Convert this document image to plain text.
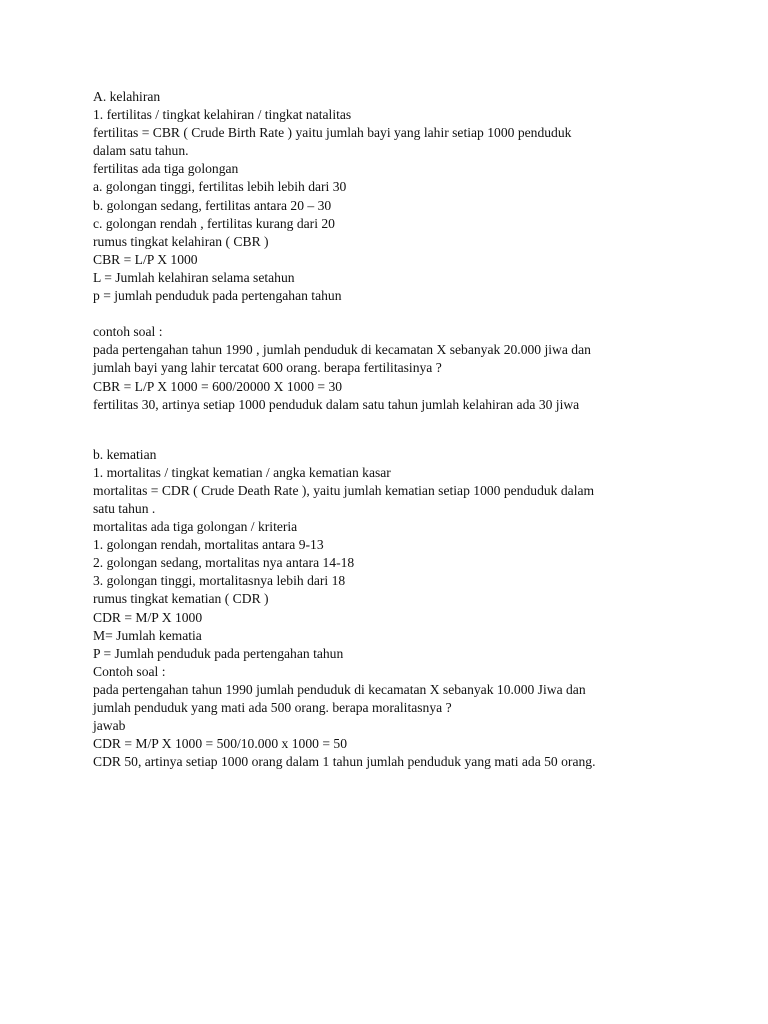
A. kelahiran
1. fertilitas / tingkat kelahiran / tingkat natalitas
fertilitas = CBR ( Crude Birth Rate ) yaitu jumlah bayi yang lahir setiap 1000 penduduk
dalam satu tahun.
fertilitas ada tiga golongan
a. golongan tinggi, fertilitas lebih lebih dari 30
b. golongan sedang, fertilitas antara 20 – 30
c. golongan rendah , fertilitas kurang dari 20
rumus tingkat kelahiran ( CBR )
CBR = L/P X 1000
L = Jumlah kelahiran selama setahun
p = jumlah penduduk pada pertengahan tahun
contoh soal :
pada pertengahan tahun 1990 , jumlah penduduk di kecamatan X sebanyak 20.000 jiwa dan
jumlah bayi yang lahir tercatat 600 orang. berapa fertilitasinya ?
CBR = L/P X 1000 = 600/20000 X 1000 = 30
fertilitas 30, artinya setiap 1000 penduduk dalam satu tahun jumlah kelahiran ada 30 jiwa
b. kematian
1. mortalitas / tingkat kematian / angka kematian kasar
mortalitas = CDR ( Crude Death Rate ), yaitu jumlah kematian setiap 1000 penduduk dalam
satu tahun .
mortalitas ada tiga golongan / kriteria
1. golongan rendah, mortalitas antara 9-13
2. golongan sedang, mortalitas nya antara 14-18
3. golongan tinggi, mortalitasnya lebih dari 18
rumus tingkat kematian ( CDR )
CDR = M/P X 1000
M= Jumlah kematia
P = Jumlah penduduk pada pertengahan tahun
Contoh soal :
pada pertengahan tahun 1990 jumlah penduduk di kecamatan X sebanyak 10.000 Jiwa dan
jumlah penduduk yang mati ada 500 orang. berapa moralitasnya ?
jawab
CDR = M/P X 1000 = 500/10.000 x 1000 = 50
CDR 50, artinya setiap 1000 orang dalam 1 tahun jumlah penduduk yang mati ada 50 orang.
